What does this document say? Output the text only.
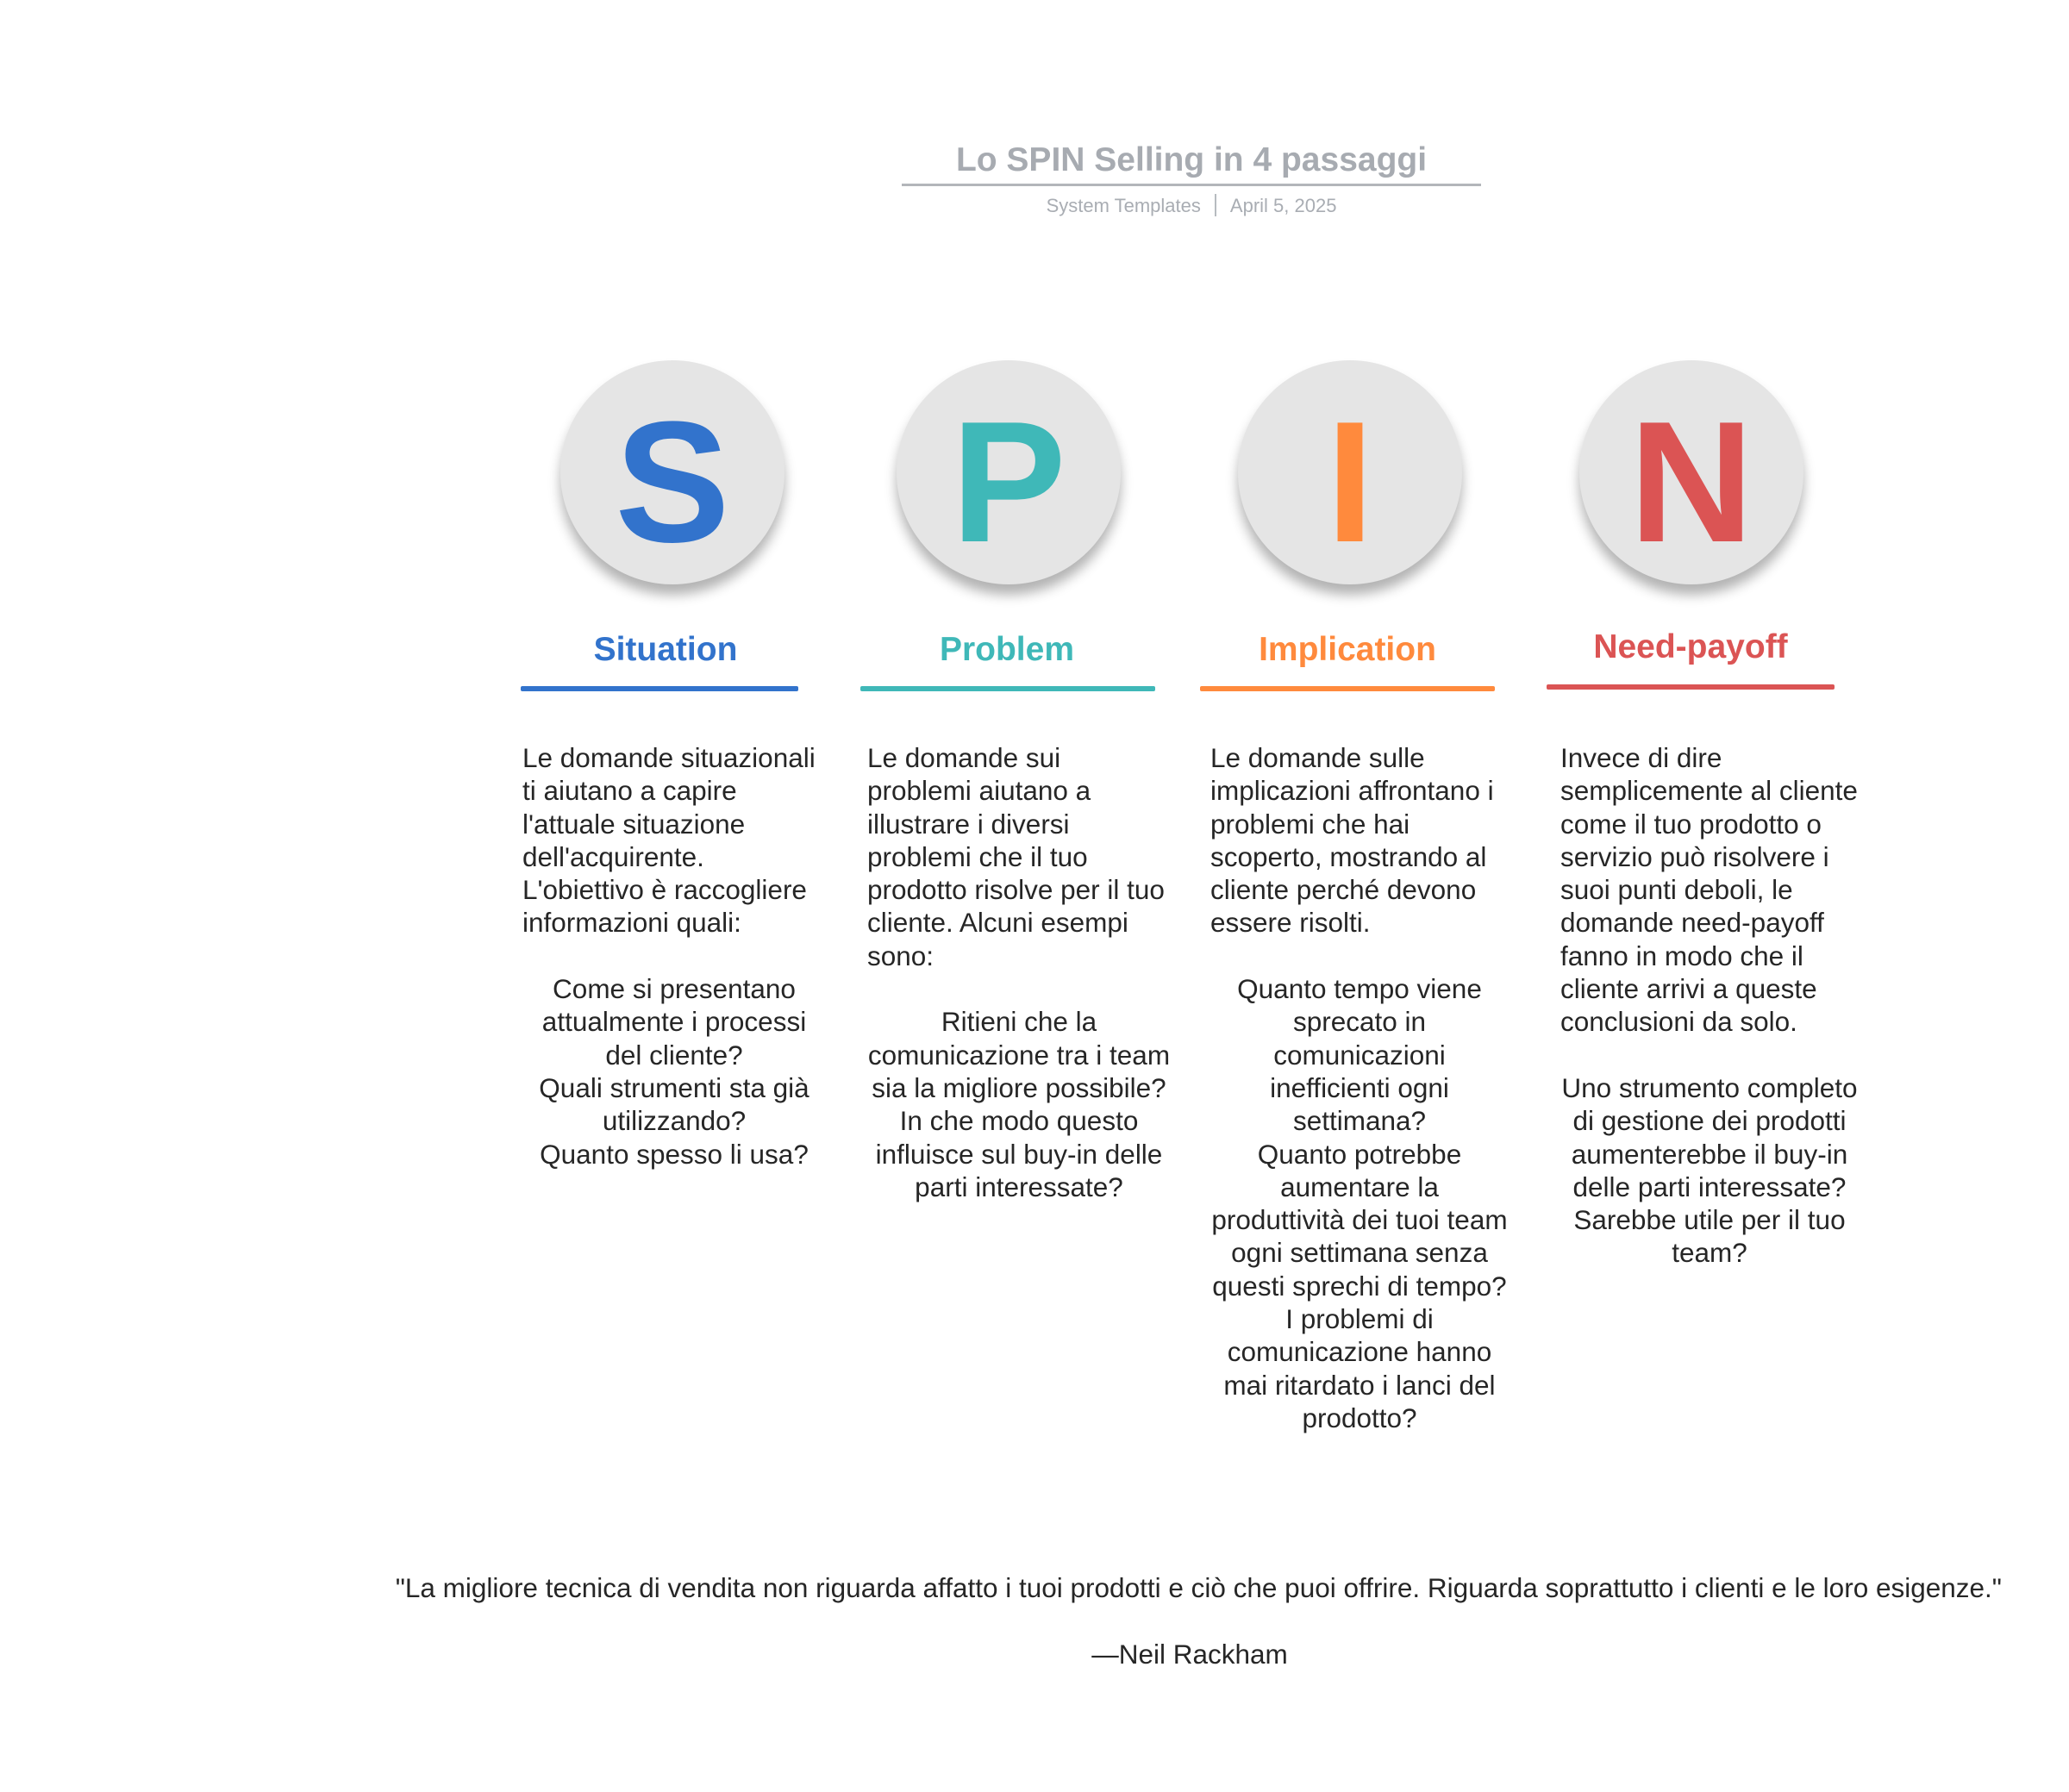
Lo SPIN Selling in 4 passaggi
System Templates April 5, 2025
S
Situation

Le domande situazionali ti aiutano a capire l'attuale situazione dell'acquirente. L'obiettivo è raccogliere informazioni quali:

Come si presentano attualmente i processi del cliente?

Quali strumenti sta già utilizzando?

Quanto spesso li usa?

P
Problem

Le domande sui problemi aiutano a illustrare i diversi problemi che il tuo prodotto risolve per il tuo cliente. Alcuni esempi sono:

Ritieni che la comunicazione tra i team sia la migliore possibile?

In che modo questo influisce sul buy-in delle parti interessate?

I
Implication

Le domande sulle implicazioni affrontano i problemi che hai scoperto, mostrando al cliente perché devono essere risolti.

Quanto tempo viene sprecato in comunicazioni inefficienti ogni settimana?

Quanto potrebbe aumentare la produttività dei tuoi team ogni settimana senza questi sprechi di tempo?

I problemi di comunicazione hanno mai ritardato i lanci del prodotto?

N
Need-payoff

Invece di dire semplicemente al cliente come il tuo prodotto o servizio può risolvere i suoi punti deboli, le domande need-payoff fanno in modo che il cliente arrivi a queste conclusioni da solo.

Uno strumento completo di gestione dei prodotti aumenterebbe il buy-in delle parti interessate?

Sarebbe utile per il tuo team?

"La migliore tecnica di vendita non riguarda affatto i tuoi prodotti e ciò che puoi offrire. Riguarda soprattutto i clienti e le loro esigenze."
—Neil Rackham
